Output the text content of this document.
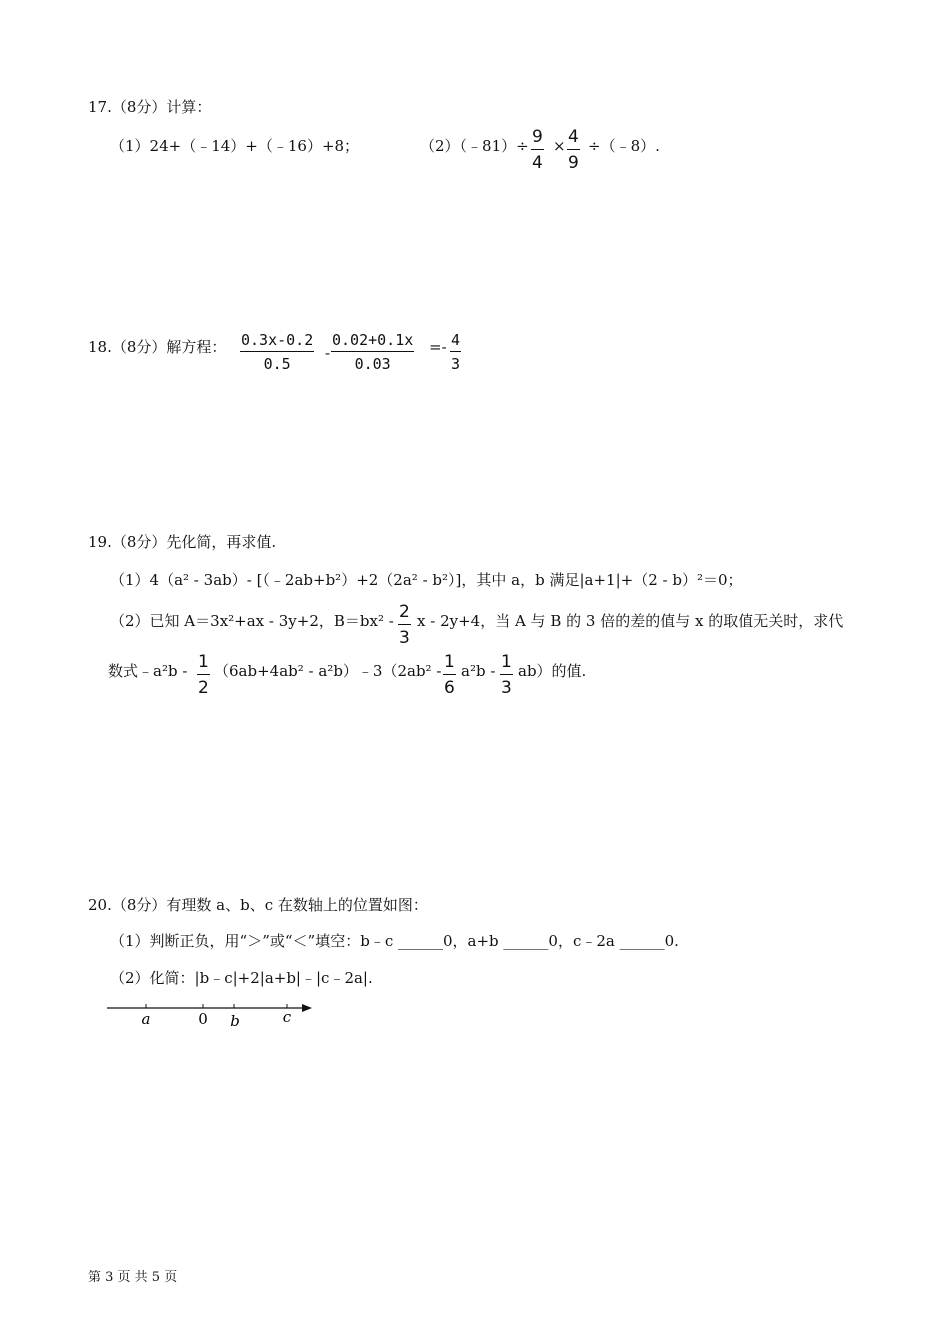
17.（8分）计算：
（1）24+（﹣14）+（﹣16）+8；	（2）（﹣81）÷ $\frac{9}{4} \times \frac{4}{9}$ ÷（﹣8）.
18.（8分）解方程： $\frac{0.3x-0.2}{0.5} - \frac{0.02+0.1x}{0.03} =- \frac{4}{3}$
19.（8分）先化简，再求值.
（1）4（a² - 3ab）- [（﹣2ab+b²）+2（2a² - b²）]，其中 a，b 满足|a+1|+（2 - b）²＝0；
（2）已知 A＝3x²+ax - 3y+2，$B=bx^2 - \frac{2}{3}$ x - 2y+4，当 A 与 B 的 3 倍的差的值与 x 的取值无关时，求代
数式﹣a²b - $\frac{1}{2} (6ab+4ab^2$ - a²b）﹣3（2ab² - $\frac{1}{6} a^2b - \frac{1}{3} ab$）的值.
20.（8分）有理数 a、b、c 在数轴上的位置如图：
（1）判断正负，用“＞”或“＜”填空：b﹣c ______0，a+b ______0，c﹣2a ______0.
（2）化简：|b﹣c|+2|a+b|﹣|c﹣2a|.
a	0 b	c
第 3 页 共 5 页
